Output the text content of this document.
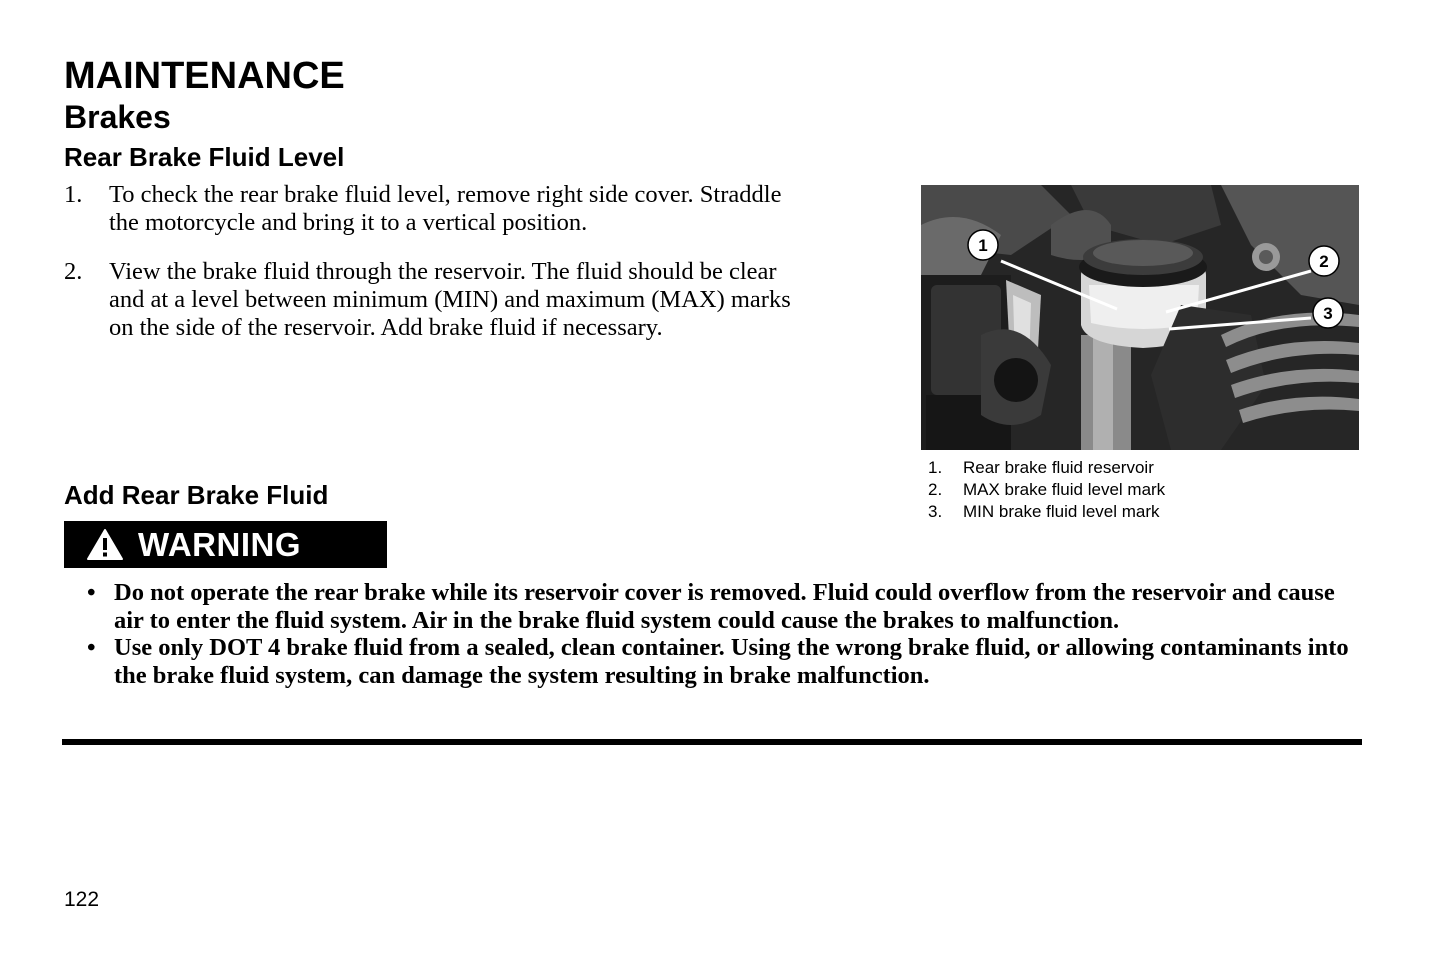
MAINTENANCE
Brakes
Rear Brake Fluid Level
1. To check the rear brake fluid level, remove right side cover. Straddle the motorcycle and bring it to a vertical position.
2. View the brake fluid through the reservoir. The fluid should be clear and at a level between minimum (MIN) and maximum (MAX) marks on the side of the reservoir. Add brake fluid if necessary.
1
2
3
1. Rear brake fluid reservoir
2. MAX brake fluid level mark
3. MIN brake fluid level mark
Add Rear Brake Fluid
WARNING
• Do not operate the rear brake while its reservoir cover is removed. Fluid could overflow from the reservoir and cause air to enter the fluid system. Air in the brake fluid system could cause the brakes to malfunction.
• Use only DOT 4 brake fluid from a sealed, clean container. Using the wrong brake fluid, or allowing contaminants into the brake fluid system, can damage the system resulting in brake malfunction.
122
